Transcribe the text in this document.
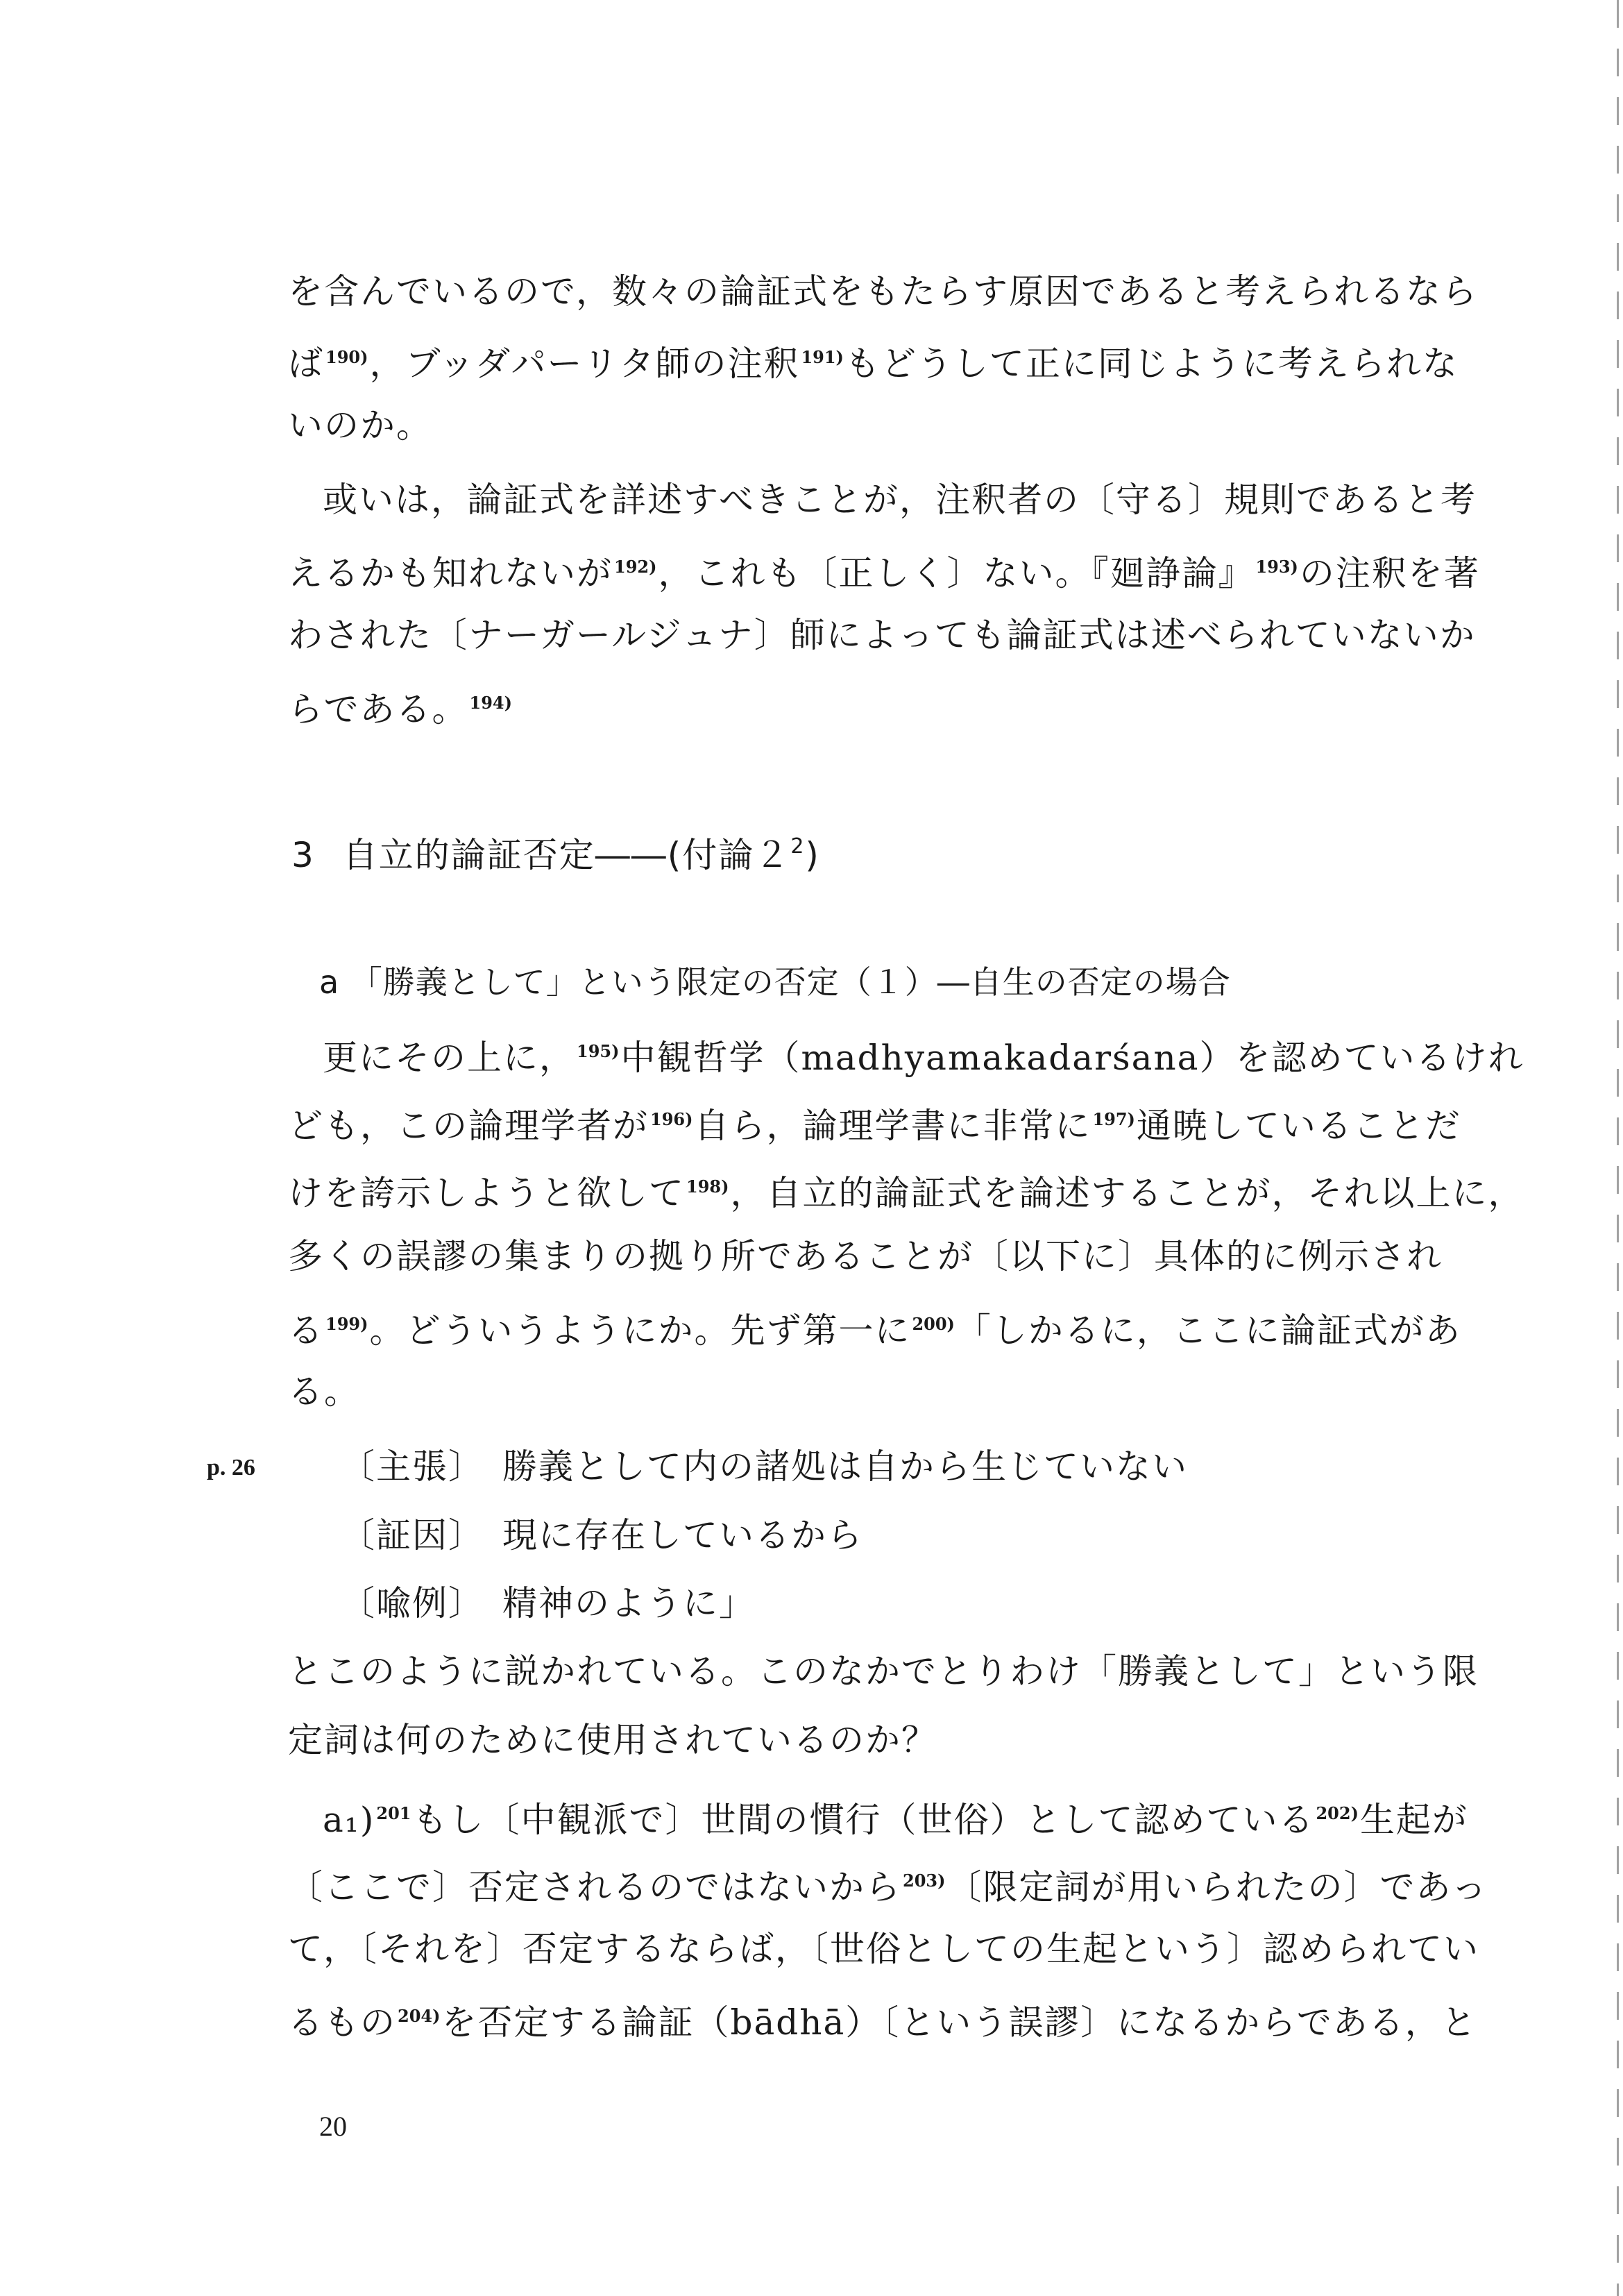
を含んでいるので，数々の論証式をもたらす原因であると考えられるなら
ば$^{190)}$，ブッダパーリタ師の注釈$^{191)}$もどうして正に同じように考えられな
いのか。
或いは，論証式を詳述すべきことが，注釈者の〔守る〕規則であると考
えるかも知れないが$^{192)}$，これも〔正しく〕ない。『廻諍論』$^{193)}$の注釈を著
わされた〔ナーガールジュナ〕師によっても論証式は述べられていないか
らである。$^{194)}$
3 自立的論証否定――(付論$2^2$)
a 「勝義として」という限定の否定（１）―自生の否定の場合
更にその上に，$^{195)}$中観哲学（madhyamakadarśana）を認めているけれ
ども，この論理学者が$^{196)}$自ら，論理学書に非常に$^{197)}$通暁していることだ
けを誇示しようと欲して$^{198)}$，自立的論証式を論述することが，それ以上に，
多くの誤謬の集まりの拠り所であることが〔以下に〕具体的に例示され
る$^{199)}$。どういうようにか。先ず第一に$^{200)}$「しかるに，ここに論証式があ
る。
p. 26 〔主張〕 勝義として内の諸処は自から生じていない
〔証因〕 現に存在しているから
〔喩例〕 精神のように」
とこのように説かれている。このなかでとりわけ「勝義として」という限
定詞は何のために使用されているのか？
a₁)$^{201}$もし〔中観派で〕世間の慣行（世俗）として認めている$^{202)}$生起が
〔ここで〕否定されるのではないから$^{203)}$〔限定詞が用いられたの〕であっ
て，〔それを〕否定するならば，〔世俗としての生起という〕認められてい
るもの$^{204)}$を否定する論証（bādhā）〔という誤謬〕になるからである，と
20
